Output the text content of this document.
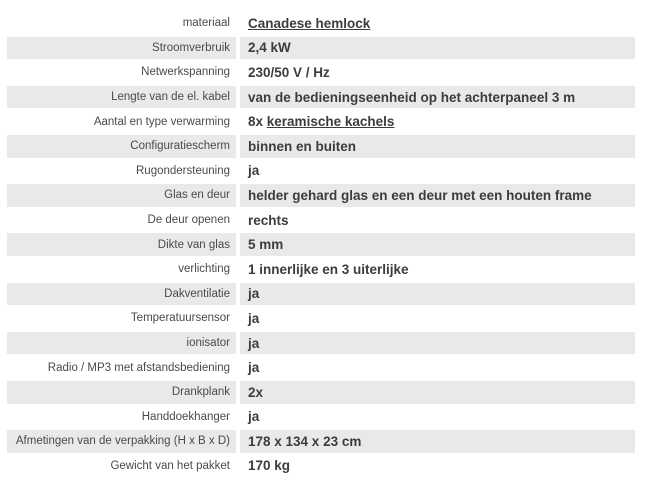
materiaal	Canadese hemlock
Stroomverbruik	2,4 kW
Netwerkspanning	230/50 V / Hz
Lengte van de el. kabel	van de bedieningseenheid op het achterpaneel 3 m
Aantal en type verwarming	8x keramische kachels
Configuratiescherm	binnen en buiten
Rugondersteuning	ja
Glas en deur	helder gehard glas en een deur met een houten frame
De deur openen	rechts
Dikte van glas	5 mm
verlichting	1 innerlijke en 3 uiterlijke
Dakventilatie	ja
Temperatuursensor	ja
ionisator	ja
Radio / MP3 met afstandsbediening	ja
Drankplank	2x
Handdoekhanger	ja
Afmetingen van de verpakking (H x B x D)	178 x 134 x 23 cm
Gewicht van het pakket	170 kg
